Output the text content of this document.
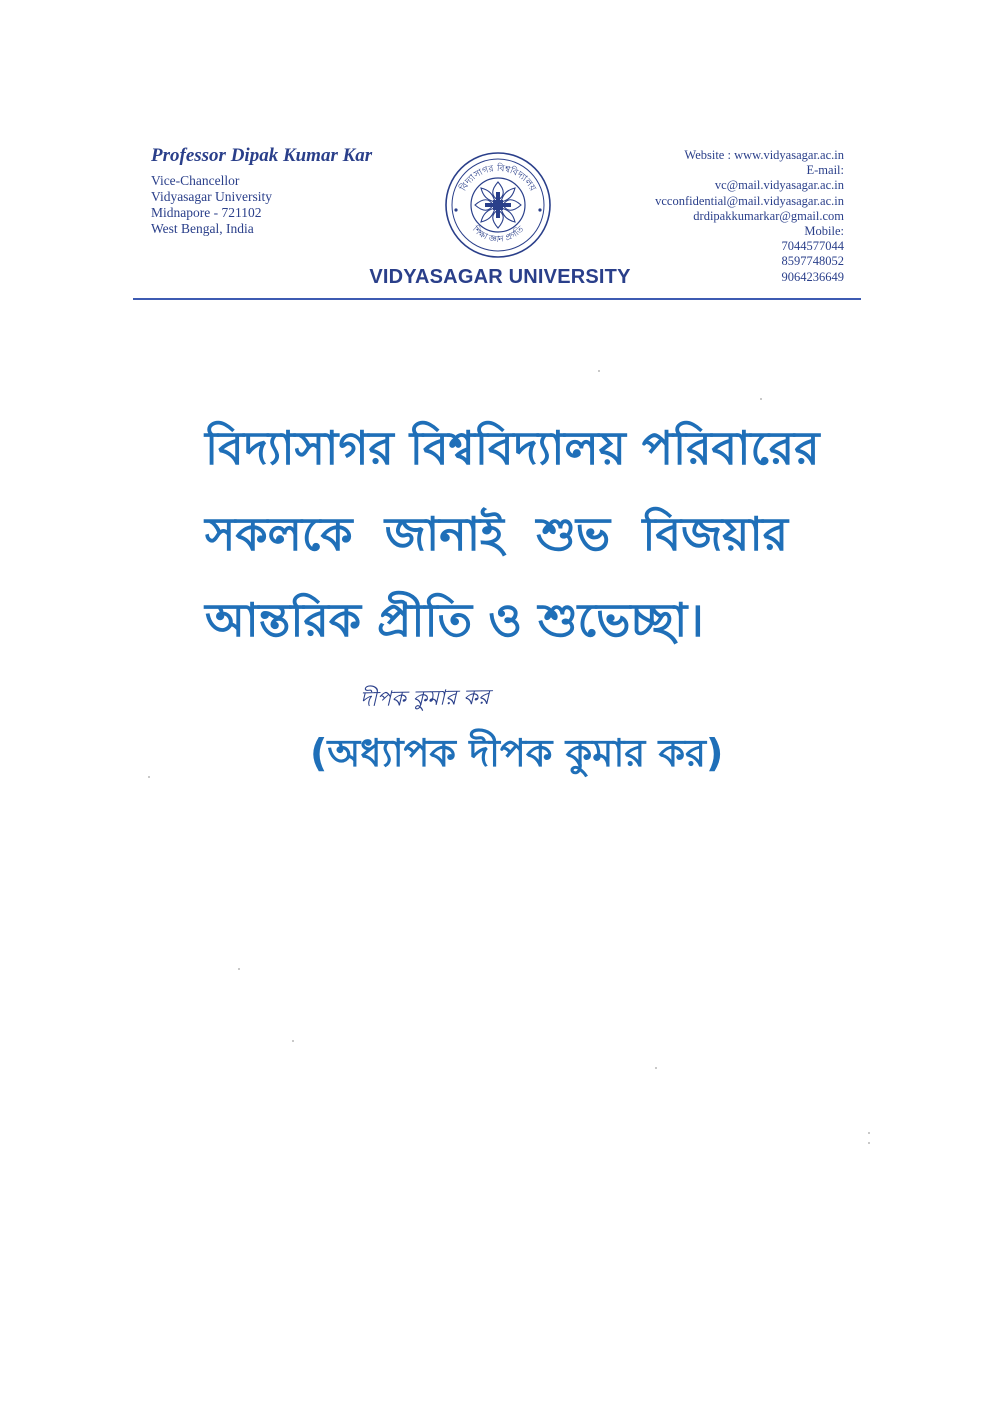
Professor Dipak Kumar Kar
Vice-Chancellor
Vidyasagar University
Midnapore - 721102
West Bengal, India
বিদ্যাসাগর বিশ্ববিদ্যালয়
শিক্ষা জ্ঞান প্রগতি
VIDYASAGAR UNIVERSITY
Website : www.vidyasagar.ac.in
E-mail:
vc@mail.vidyasagar.ac.in
vcconfidential@mail.vidyasagar.ac.in
drdipakkumarkar@gmail.com
Mobile:
7044577044
8597748052
9064236649
বিদ্যাসাগর বিশ্ববিদ্যালয় পরিবারের
সকলকে জানাই শুভ বিজয়ার
আন্তরিক প্রীতি ও শুভেচ্ছা।
দীপক কুমার কর
(অধ্যাপক দীপক কুমার কর)
